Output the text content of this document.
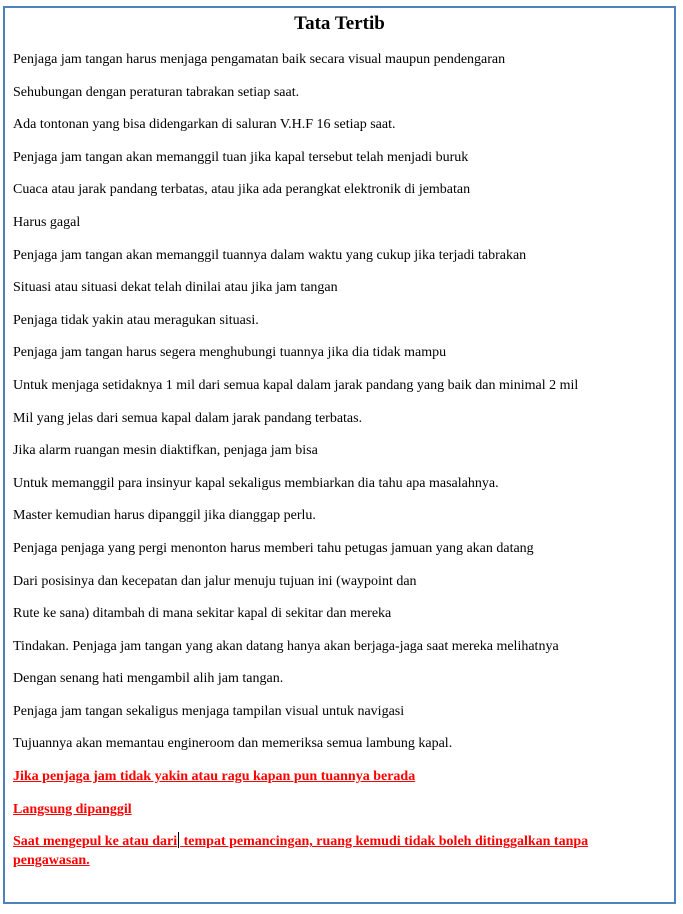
Tata Tertib
Penjaga jam tangan harus menjaga pengamatan baik secara visual maupun pendengaran
Sehubungan dengan peraturan tabrakan setiap saat.
Ada tontonan yang bisa didengarkan di saluran V.H.F 16 setiap saat.
Penjaga jam tangan akan memanggil tuan jika kapal tersebut telah menjadi buruk
Cuaca atau jarak pandang terbatas, atau jika ada perangkat elektronik di jembatan
Harus gagal
Penjaga jam tangan akan memanggil tuannya dalam waktu yang cukup jika terjadi tabrakan
Situasi atau situasi dekat telah dinilai atau jika jam tangan
Penjaga tidak yakin atau meragukan situasi.
Penjaga jam tangan harus segera menghubungi tuannya jika dia tidak mampu
Untuk menjaga setidaknya 1 mil dari semua kapal dalam jarak pandang yang baik dan minimal 2 mil
Mil yang jelas dari semua kapal dalam jarak pandang terbatas.
Jika alarm ruangan mesin diaktifkan, penjaga jam bisa
Untuk memanggil para insinyur kapal sekaligus membiarkan dia tahu apa masalahnya.
Master kemudian harus dipanggil jika dianggap perlu.
Penjaga penjaga yang pergi menonton harus memberi tahu petugas jamuan yang akan datang
Dari posisinya dan kecepatan dan jalur menuju tujuan ini (waypoint dan
Rute ke sana) ditambah di mana sekitar kapal di sekitar dan mereka
Tindakan. Penjaga jam tangan yang akan datang hanya akan berjaga-jaga saat mereka melihatnya
Dengan senang hati mengambil alih jam tangan.
Penjaga jam tangan sekaligus menjaga tampilan visual untuk navigasi
Tujuannya akan memantau engineroom dan memeriksa semua lambung kapal.
Jika penjaga jam tidak yakin atau ragu kapan pun tuannya berada
Langsung dipanggil
Saat mengepul ke atau dari tempat pemancingan, ruang kemudi tidak boleh ditinggalkan tanpa pengawasan.
